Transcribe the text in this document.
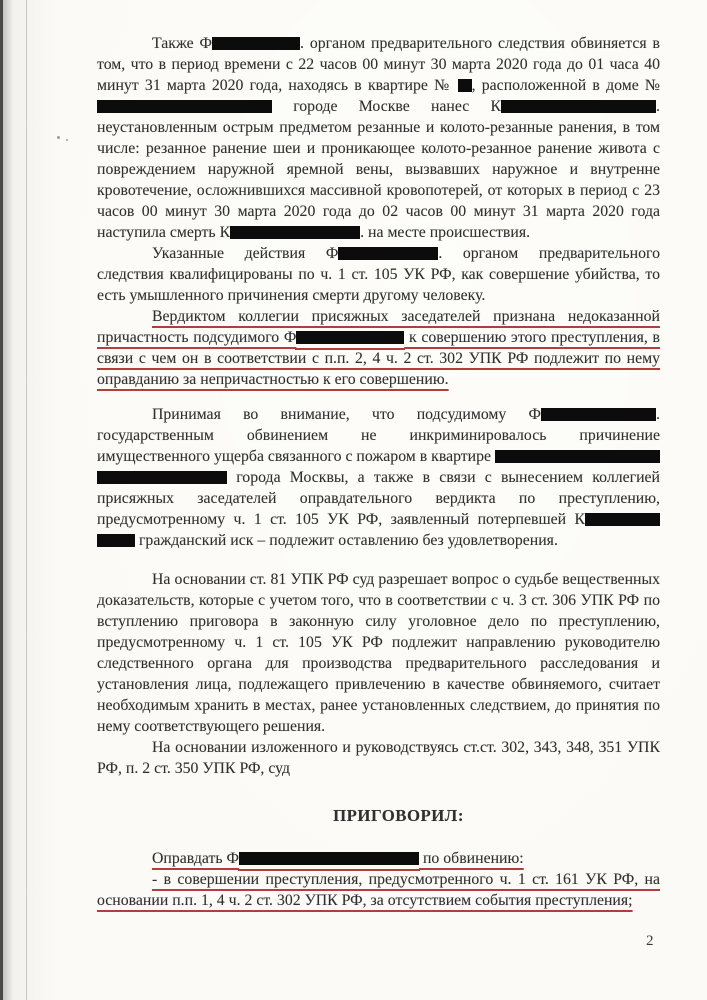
Также Ф	. органом предварительного следствия обвиняется в том, что в период времени с 22 часов 00 минут 30 марта 2020 года до 01 часа 40 минут 31 марта 2020 года, находясь в квартире № , расположенной в доме №  городе Москве нанес К	. неустановленным острым предметом резанные и колото-резанные ранения, в том числе: резанное ранение шеи и проникающее колото-резанное ранение живота с повреждением наружной яремной вены, вызвавших наружное и внутренне кровотечение, осложнившихся массивной кровопотерей, от которых в период с 23 часов 00 минут 30 марта 2020 года до 02 часов 00 минут 31 марта 2020 года наступила смерть К	. на месте происшествия.

Указанные действия Ф	. органом предварительного следствия квалифицированы по ч. 1 ст. 105 УК РФ, как совершение убийства, то есть умышленного причинения смерти другому человеку.

Вердиктом коллегии присяжных заседателей признана недоказанной причастность подсудимого Ф	к совершению этого преступления, в связи с чем он в соответствии с п.п. 2, 4 ч. 2 ст. 302 УПК РФ подлежит по нему оправданию за непричастностью к его совершению.

Принимая во внимание, что подсудимому Ф	. государственным обвинением не инкриминировалось причинение имущественного ущерба связанного с пожаром в квартире   города Москвы, а также в связи с вынесением коллегией присяжных заседателей оправдательного вердикта по преступлению, предусмотренному ч. 1 ст. 105 УК РФ, заявленный потерпевшей К  гражданский иск – подлежит оставлению без удовлетворения.

На основании ст. 81 УПК РФ суд разрешает вопрос о судьбе вещественных доказательств, которые с учетом того, что в соответствии с ч. 3 ст. 306 УПК РФ по вступлению приговора в законную силу уголовное дело по преступлению, предусмотренному ч. 1 ст. 105 УК РФ подлежит направлению руководителю следственного органа для производства предварительного расследования и установления лица, подлежащего привлечению в качестве обвиняемого, считает необходимым хранить в местах, ранее установленных следствием, до принятия по нему соответствующего решения.

На основании изложенного и руководствуясь ст.ст. 302, 343, 348, 351 УПК РФ, п. 2 ст. 350 УПК РФ, суд

ПРИГОВОРИЛ:

Оправдать Ф	по обвинению:

- в совершении преступления, предусмотренного ч. 1 ст. 161 УК РФ, на основании п.п. 1, 4 ч. 2 ст. 302 УПК РФ, за отсутствием события преступления;

2
